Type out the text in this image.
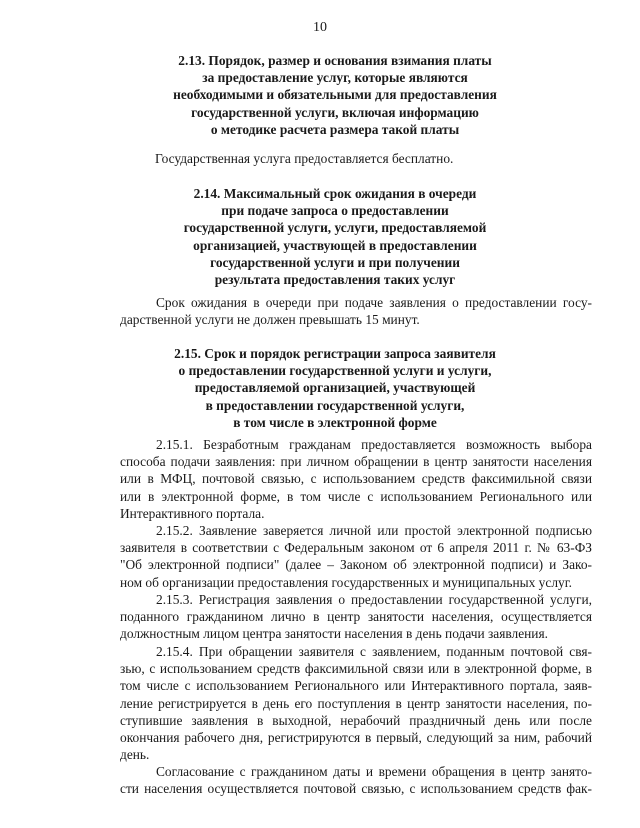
10
2.13. Порядок, размер и основания взимания платы
за предоставление услуг, которые являются
необходимыми и обязательными для предоставления
государственной услуги, включая информацию
о методике расчета размера такой платы
Государственная услуга предоставляется бесплатно.
2.14. Максимальный срок ожидания в очереди
при подаче запроса о предоставлении
государственной услуги, услуги, предоставляемой
организацией, участвующей в предоставлении
государственной услуги и при получении
результата предоставления таких услуг
Срок ожидания в очереди при подаче заявления о предоставлении госу-
дарственной услуги не должен превышать 15 минут.
2.15. Срок и порядок регистрации запроса заявителя
о предоставлении государственной услуги и услуги,
предоставляемой организацией, участвующей
в предоставлении государственной услуги,
в том числе в электронной форме
2.15.1. Безработным гражданам предоставляется возможность выбора
способа подачи заявления: при личном обращении в центр занятости населения
или в МФЦ, почтовой связью, с использованием средств факсимильной связи
или в электронной форме, в том числе с использованием Регионального или
Интерактивного портала.
2.15.2. Заявление заверяется личной или простой электронной подписью
заявителя в соответствии с Федеральным законом от 6 апреля 2011 г. № 63-ФЗ
"Об электронной подписи" (далее – Законом об электронной подписи) и Зако-
ном об организации предоставления государственных и муниципальных услуг.
2.15.3. Регистрация заявления о предоставлении государственной услуги,
поданного гражданином лично в центр занятости населения, осуществляется
должностным лицом центра занятости населения в день подачи заявления.
2.15.4. При обращении заявителя с заявлением, поданным почтовой свя-
зью, с использованием средств факсимильной связи или в электронной форме, в
том числе с использованием Регионального или Интерактивного портала, заяв-
ление регистрируется в день его поступления в центр занятости населения, по-
ступившие заявления в выходной, нерабочий праздничный день или после
окончания рабочего дня, регистрируются в первый, следующий за ним, рабочий
день.
Согласование с гражданином даты и времени обращения в центр занято-
сти населения осуществляется почтовой связью, с использованием средств фак-
